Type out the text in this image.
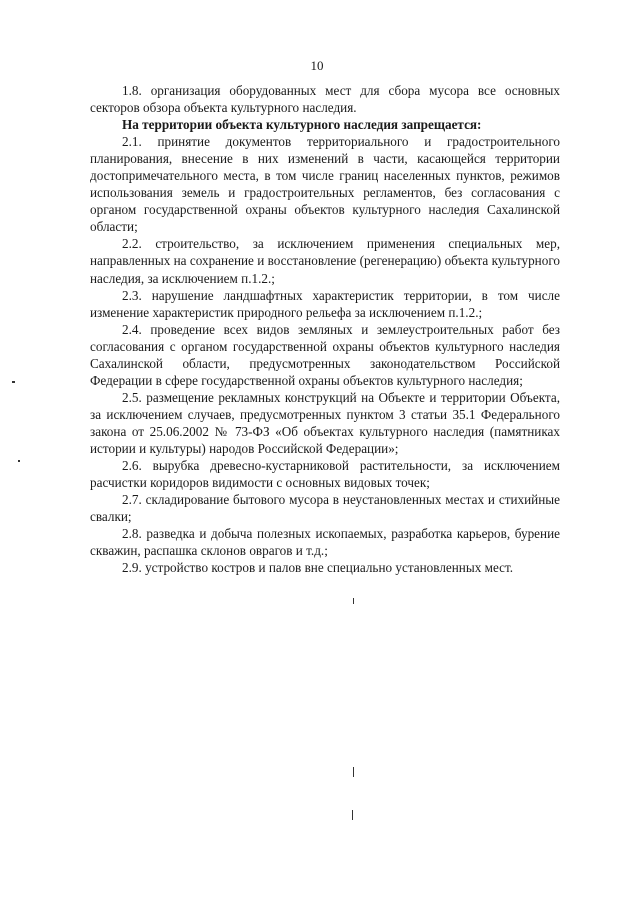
10

1.8. организация оборудованных мест для сбора мусора все основных секторов обзора объекта культурного наследия.

На территории объекта культурного наследия запрещается:

2.1. принятие документов территориального и градостроительного планирования, внесение в них изменений в части, касающейся территории достопримечательного места, в том числе границ населенных пунктов, режимов использования земель и градостроительных регламентов, без согласования с органом государственной охраны объектов культурного наследия Сахалинской области;

2.2. строительство, за исключением применения специальных мер, направленных на сохранение и восстановление (регенерацию) объекта культурного наследия, за исключением п.1.2.;

2.3. нарушение ландшафтных характеристик территории, в том числе изменение характеристик природного рельефа за исключением п.1.2.;

2.4. проведение всех видов земляных и землеустроительных работ без согласования с органом государственной охраны объектов культурного наследия Сахалинской области, предусмотренных законодательством Российской Федерации в сфере государственной охраны объектов культурного наследия;

2.5. размещение рекламных конструкций на Объекте и территории Объекта, за исключением случаев, предусмотренных пунктом 3 статьи 35.1 Федерального закона от 25.06.2002 № 73-ФЗ «Об объектах культурного наследия (памятниках истории и культуры) народов Российской Федерации»;

2.6. вырубка древесно-кустарниковой растительности, за исключением расчистки коридоров видимости с основных видовых точек;

2.7. складирование бытового мусора в неустановленных местах и стихийные свалки;

2.8. разведка и добыча полезных ископаемых, разработка карьеров, бурение скважин, распашка склонов оврагов и т.д.;

2.9. устройство костров и палов вне специально установленных мест.
